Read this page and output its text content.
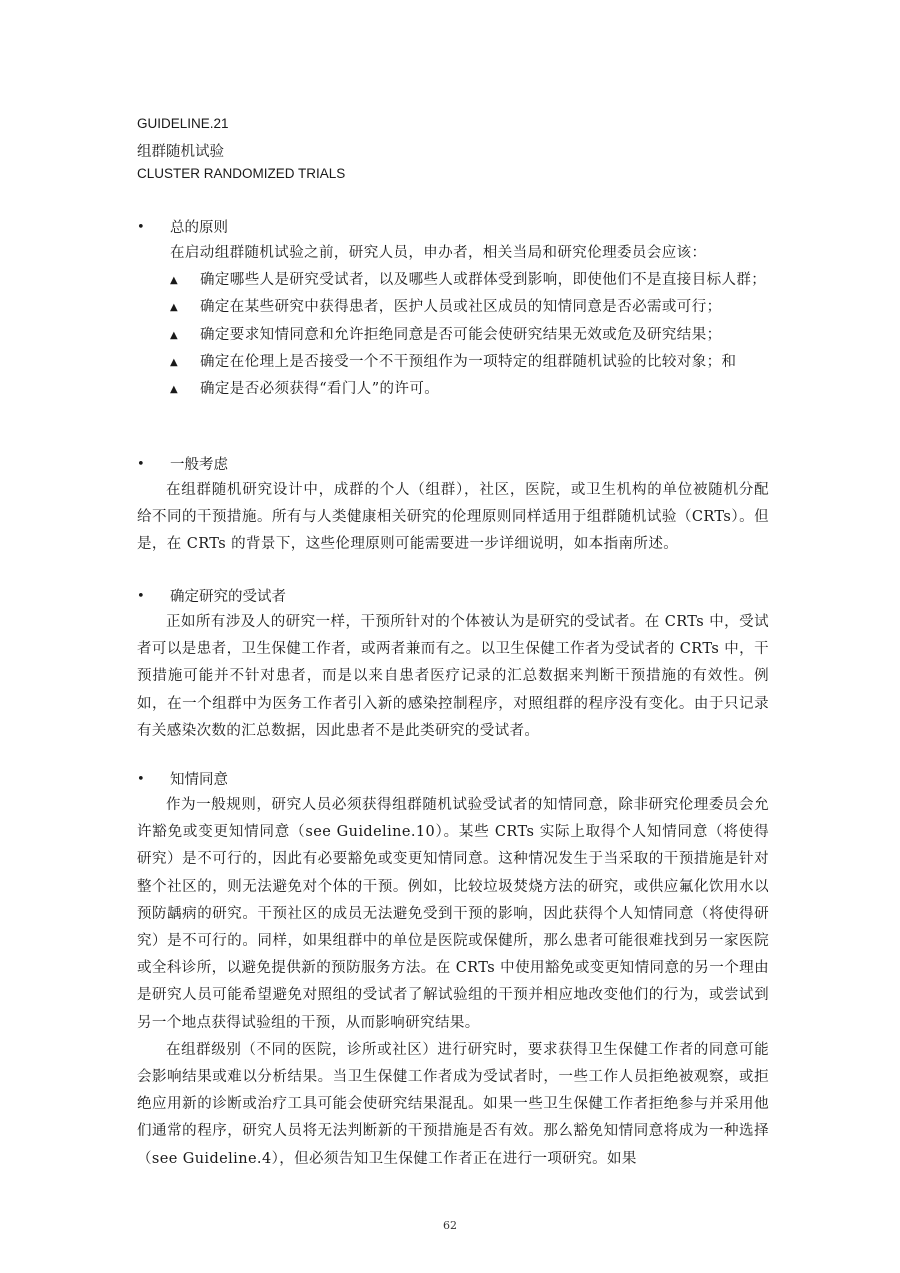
GUIDELINE.21
组群随机试验
CLUSTER RANDOMIZED TRIALS
• 总的原则

在启动组群随机试验之前，研究人员，申办者，相关当局和研究伦理委员会应该：

▲ 确定哪些人是研究受试者，以及哪些人或群体受到影响，即使他们不是直接目标人群；
▲ 确定在某些研究中获得患者，医护人员或社区成员的知情同意是否必需或可行；
▲ 确定要求知情同意和允许拒绝同意是否可能会使研究结果无效或危及研究结果；
▲ 确定在伦理上是否接受一个不干预组作为一项特定的组群随机试验的比较对象；和
▲ 确定是否必须获得“看门人”的许可。
• 一般考虑

在组群随机研究设计中，成群的个人（组群），社区，医院，或卫生机构的单位被随机分配给不同的干预措施。所有与人类健康相关研究的伦理原则同样适用于组群随机试验（CRTs）。但是，在 CRTs 的背景下，这些伦理原则可能需要进一步详细说明，如本指南所述。

• 确定研究的受试者

正如所有涉及人的研究一样，干预所针对的个体被认为是研究的受试者。在 CRTs 中，受试者可以是患者，卫生保健工作者，或两者兼而有之。以卫生保健工作者为受试者的 CRTs 中，干预措施可能并不针对患者，而是以来自患者医疗记录的汇总数据来判断干预措施的有效性。例如，在一个组群中为医务工作者引入新的感染控制程序，对照组群的程序没有变化。由于只记录有关感染次数的汇总数据，因此患者不是此类研究的受试者。

• 知情同意

作为一般规则，研究人员必须获得组群随机试验受试者的知情同意，除非研究伦理委员会允许豁免或变更知情同意（see Guideline.10）。某些 CRTs 实际上取得个人知情同意（将使得研究）是不可行的，因此有必要豁免或变更知情同意。这种情况发生于当采取的干预措施是针对整个社区的，则无法避免对个体的干预。例如，比较垃圾焚烧方法的研究，或供应氟化饮用水以预防龋病的研究。干预社区的成员无法避免受到干预的影响，因此获得个人知情同意（将使得研究）是不可行的。同样，如果组群中的单位是医院或保健所，那么患者可能很难找到另一家医院或全科诊所，以避免提供新的预防服务方法。在 CRTs 中使用豁免或变更知情同意的另一个理由是研究人员可能希望避免对照组的受试者了解试验组的干预并相应地改变他们的行为，或尝试到另一个地点获得试验组的干预，从而影响研究结果。

在组群级别（不同的医院，诊所或社区）进行研究时，要求获得卫生保健工作者的同意可能会影响结果或难以分析结果。当卫生保健工作者成为受试者时，一些工作人员拒绝被观察，或拒绝应用新的诊断或治疗工具可能会使研究结果混乱。如果一些卫生保健工作者拒绝参与并采用他们通常的程序，研究人员将无法判断新的干预措施是否有效。那么豁免知情同意将成为一种选择（see Guideline.4），但必须告知卫生保健工作者正在进行一项研究。如果

62
